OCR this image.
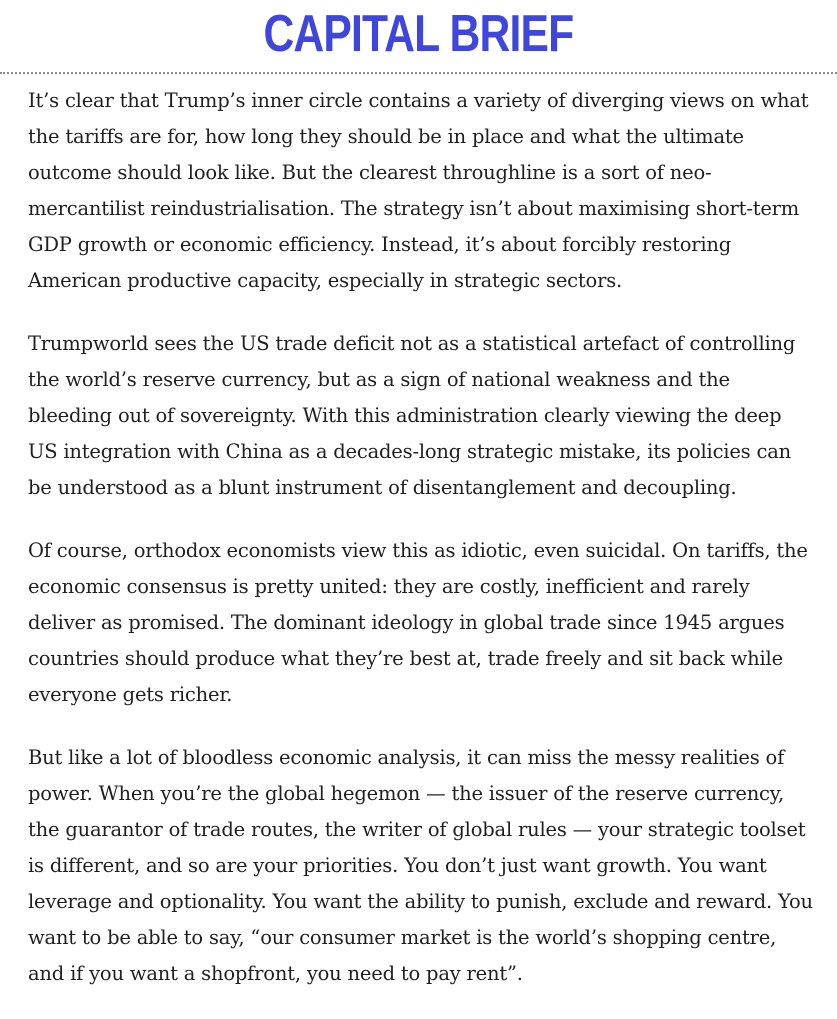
CAPITAL BRIEF

It’s clear that Trump’s inner circle contains a variety of diverging views on what the tariffs are for, how long they should be in place and what the ultimate outcome should look like. But the clearest throughline is a sort of neo-mercantilist reindustrialisation. The strategy isn’t about maximising short-term GDP growth or economic efficiency. Instead, it’s about forcibly restoring American productive capacity, especially in strategic sectors.

Trumpworld sees the US trade deficit not as a statistical artefact of controlling the world’s reserve currency, but as a sign of national weakness and the bleeding out of sovereignty. With this administration clearly viewing the deep US integration with China as a decades-long strategic mistake, its policies can be understood as a blunt instrument of disentanglement and decoupling.

Of course, orthodox economists view this as idiotic, even suicidal. On tariffs, the economic consensus is pretty united: they are costly, inefficient and rarely deliver as promised. The dominant ideology in global trade since 1945 argues countries should produce what they’re best at, trade freely and sit back while everyone gets richer.

But like a lot of bloodless economic analysis, it can miss the messy realities of power. When you’re the global hegemon — the issuer of the reserve currency, the guarantor of trade routes, the writer of global rules — your strategic toolset is different, and so are your priorities. You don’t just want growth. You want leverage and optionality. You want the ability to punish, exclude and reward. You want to be able to say, “our consumer market is the world’s shopping centre, and if you want a shopfront, you need to pay rent”.
